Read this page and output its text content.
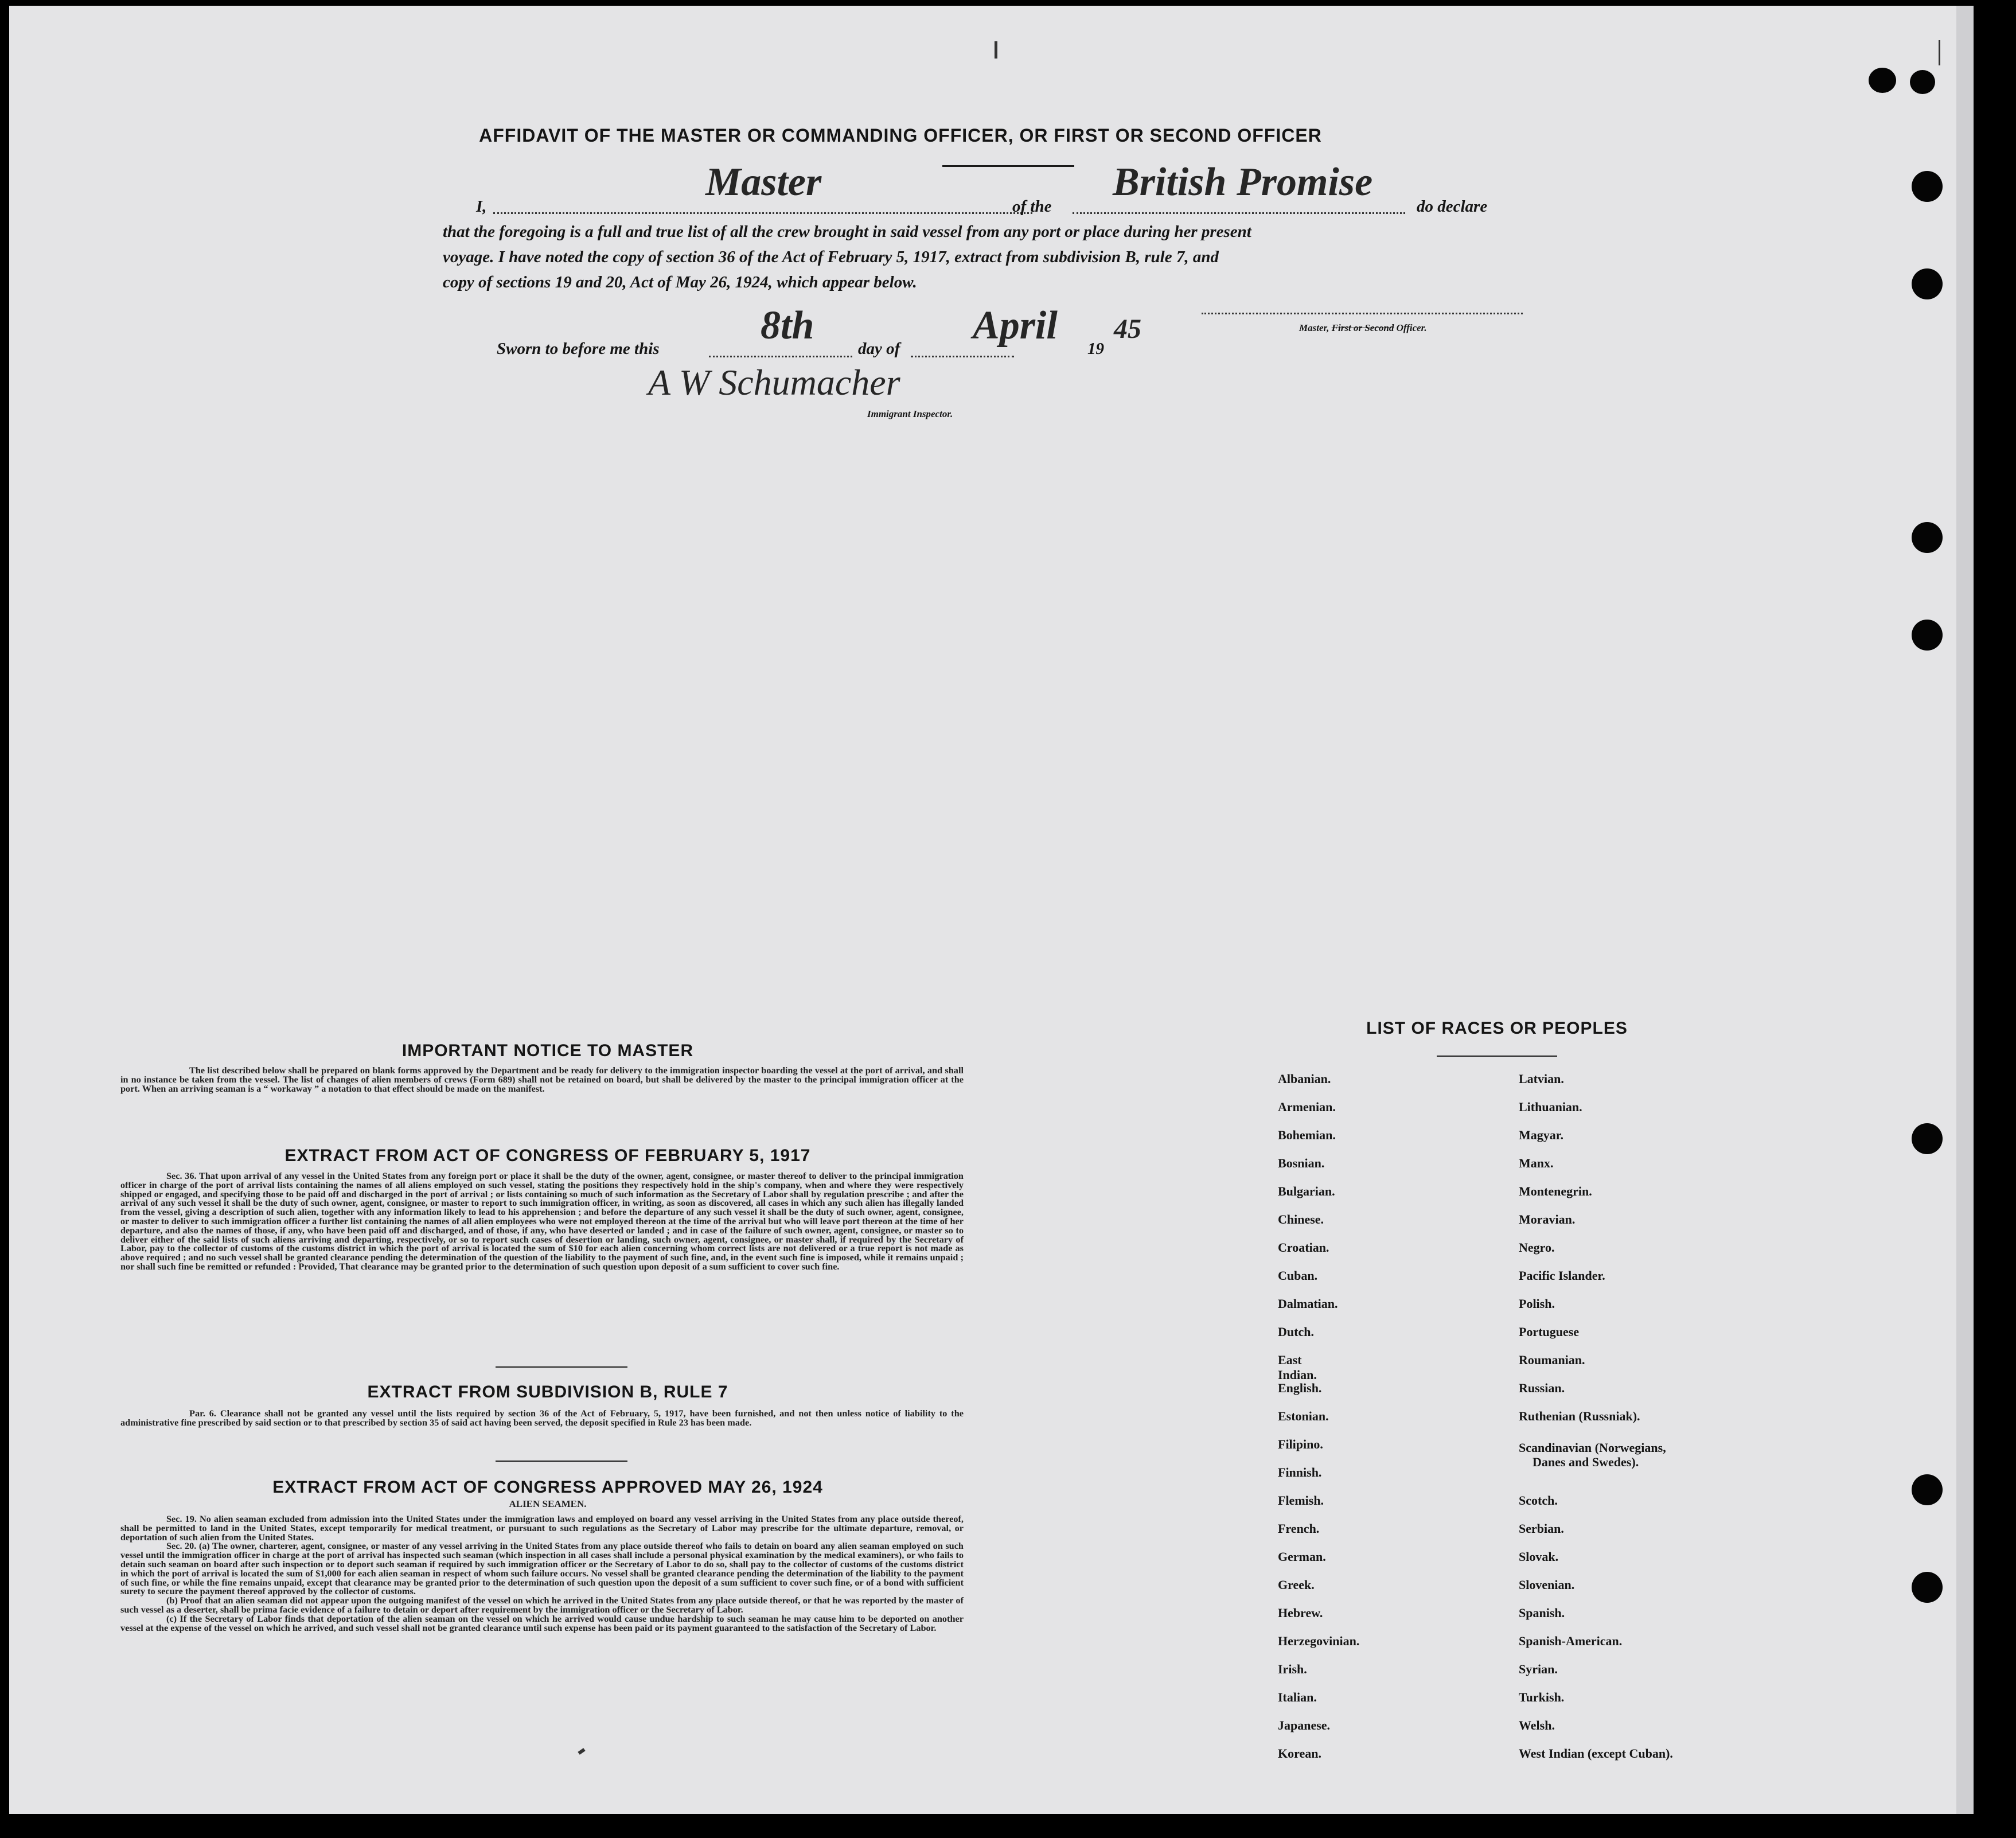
AFFIDAVIT OF THE MASTER OR COMMANDING OFFICER, OR FIRST OR SECOND OFFICER
I,
Master
of the
British Promise
do declare
that the foregoing is a full and true list of all the crew brought in said vessel from any port or place during her present
voyage. I have noted the copy of section 36 of the Act of February 5, 1917, extract from subdivision B, rule 7, and
copy of sections 19 and 20, Act of May 26, 1924, which appear below.
Master, First or Second Officer.
Sworn to before me this
8th
day of
April
19
45
A W Schumacher
Immigrant Inspector.
IMPORTANT NOTICE TO MASTER
The list described below shall be prepared on blank forms approved by the Department and be ready for delivery to the immigration inspector boarding the vessel at the port of arrival, and shall in no instance be taken from the vessel. The list of changes of alien members of crews (Form 689) shall not be retained on board, but shall be delivered by the master to the principal immigration officer at the port. When an arriving seaman is a “ workaway ” a notation to that effect should be made on the manifest.
EXTRACT FROM ACT OF CONGRESS OF FEBRUARY 5, 1917
Sec. 36. That upon arrival of any vessel in the United States from any foreign port or place it shall be the duty of the owner, agent, consignee, or master thereof to deliver to the principal immigration officer in charge of the port of arrival lists containing the names of all aliens employed on such vessel, stating the positions they respectively hold in the ship's company, when and where they were respectively shipped or engaged, and specifying those to be paid off and discharged in the port of arrival ; or lists containing so much of such information as the Secretary of Labor shall by regulation prescribe ; and after the arrival of any such vessel it shall be the duty of such owner, agent, consignee, or master to report to such immigration officer, in writing, as soon as discovered, all cases in which any such alien has illegally landed from the vessel, giving a description of such alien, together with any information likely to lead to his apprehension ; and before the departure of any such vessel it shall be the duty of such owner, agent, consignee, or master to deliver to such immigration officer a further list containing the names of all alien employees who were not employed thereon at the time of the arrival but who will leave port thereon at the time of her departure, and also the names of those, if any, who have been paid off and discharged, and of those, if any, who have deserted or landed ; and in case of the failure of such owner, agent, consignee, or master so to deliver either of the said lists of such aliens arriving and departing, respectively, or so to report such cases of desertion or landing, such owner, agent, consignee, or master shall, if required by the Secretary of Labor, pay to the collector of customs of the customs district in which the port of arrival is located the sum of $10 for each alien concerning whom correct lists are not delivered or a true report is not made as above required ; and no such vessel shall be granted clearance pending the determination of the question of the liability to the payment of such fine, and, in the event such fine is imposed, while it remains unpaid ; nor shall such fine be remitted or refunded : Provided, That clearance may be granted prior to the determination of such question upon deposit of a sum sufficient to cover such fine.
EXTRACT FROM SUBDIVISION B, RULE 7
Par. 6. Clearance shall not be granted any vessel until the lists required by section 36 of the Act of February, 5, 1917, have been furnished, and not then unless notice of liability to the administrative fine prescribed by said section or to that prescribed by section 35 of said act having been served, the deposit specified in Rule 23 has been made.
EXTRACT FROM ACT OF CONGRESS APPROVED MAY 26, 1924
ALIEN SEAMEN.
Sec. 19. No alien seaman excluded from admission into the United States under the immigration laws and employed on board any vessel arriving in the United States from any place outside thereof, shall be permitted to land in the United States, except temporarily for medical treatment, or pursuant to such regulations as the Secretary of Labor may prescribe for the ultimate departure, removal, or deportation of such alien from the United States.
Sec. 20. (a) The owner, charterer, agent, consignee, or master of any vessel arriving in the United States from any place outside thereof who fails to detain on board any alien seaman employed on such vessel until the immigration officer in charge at the port of arrival has inspected such seaman (which inspection in all cases shall include a personal physical examination by the medical examiners), or who fails to detain such seaman on board after such inspection or to deport such seaman if required by such immigration officer or the Secretary of Labor to do so, shall pay to the collector of customs of the customs district in which the port of arrival is located the sum of $1,000 for each alien seaman in respect of whom such failure occurs. No vessel shall be granted clearance pending the determination of the liability to the payment of such fine, or while the fine remains unpaid, except that clearance may be granted prior to the determination of such question upon the deposit of a sum sufficient to cover such fine, or of a bond with sufficient surety to secure the payment thereof approved by the collector of customs.
(b) Proof that an alien seaman did not appear upon the outgoing manifest of the vessel on which he arrived in the United States from any place outside thereof, or that he was reported by the master of such vessel as a deserter, shall be prima facie evidence of a failure to detain or deport after requirement by the immigration officer or the Secretary of Labor.
(c) If the Secretary of Labor finds that deportation of the alien seaman on the vessel on which he arrived would cause undue hardship to such seaman he may cause him to be deported on another vessel at the expense of the vessel on which he arrived, and such vessel shall not be granted clearance until such expense has been paid or its payment guaranteed to the satisfaction of the Secretary of Labor.
LIST OF RACES OR PEOPLES
Albanian.
Armenian.
Bohemian.
Bosnian.
Bulgarian.
Chinese.
Croatian.
Cuban.
Dalmatian.
Dutch.
East Indian.
English.
Estonian.
Filipino.
Finnish.
Flemish.
French.
German.
Greek.
Hebrew.
Herzegovinian.
Irish.
Italian.
Japanese.
Korean.
Latvian.
Lithuanian.
Magyar.
Manx.
Montenegrin.
Moravian.
Negro.
Pacific Islander.
Polish.
Portuguese
Roumanian.
Russian.
Ruthenian (Russniak).
Scandinavian (Norwegians,
Danes and Swedes).
Scotch.
Serbian.
Slovak.
Slovenian.
Spanish.
Spanish-American.
Syrian.
Turkish.
Welsh.
West Indian (except Cuban).
